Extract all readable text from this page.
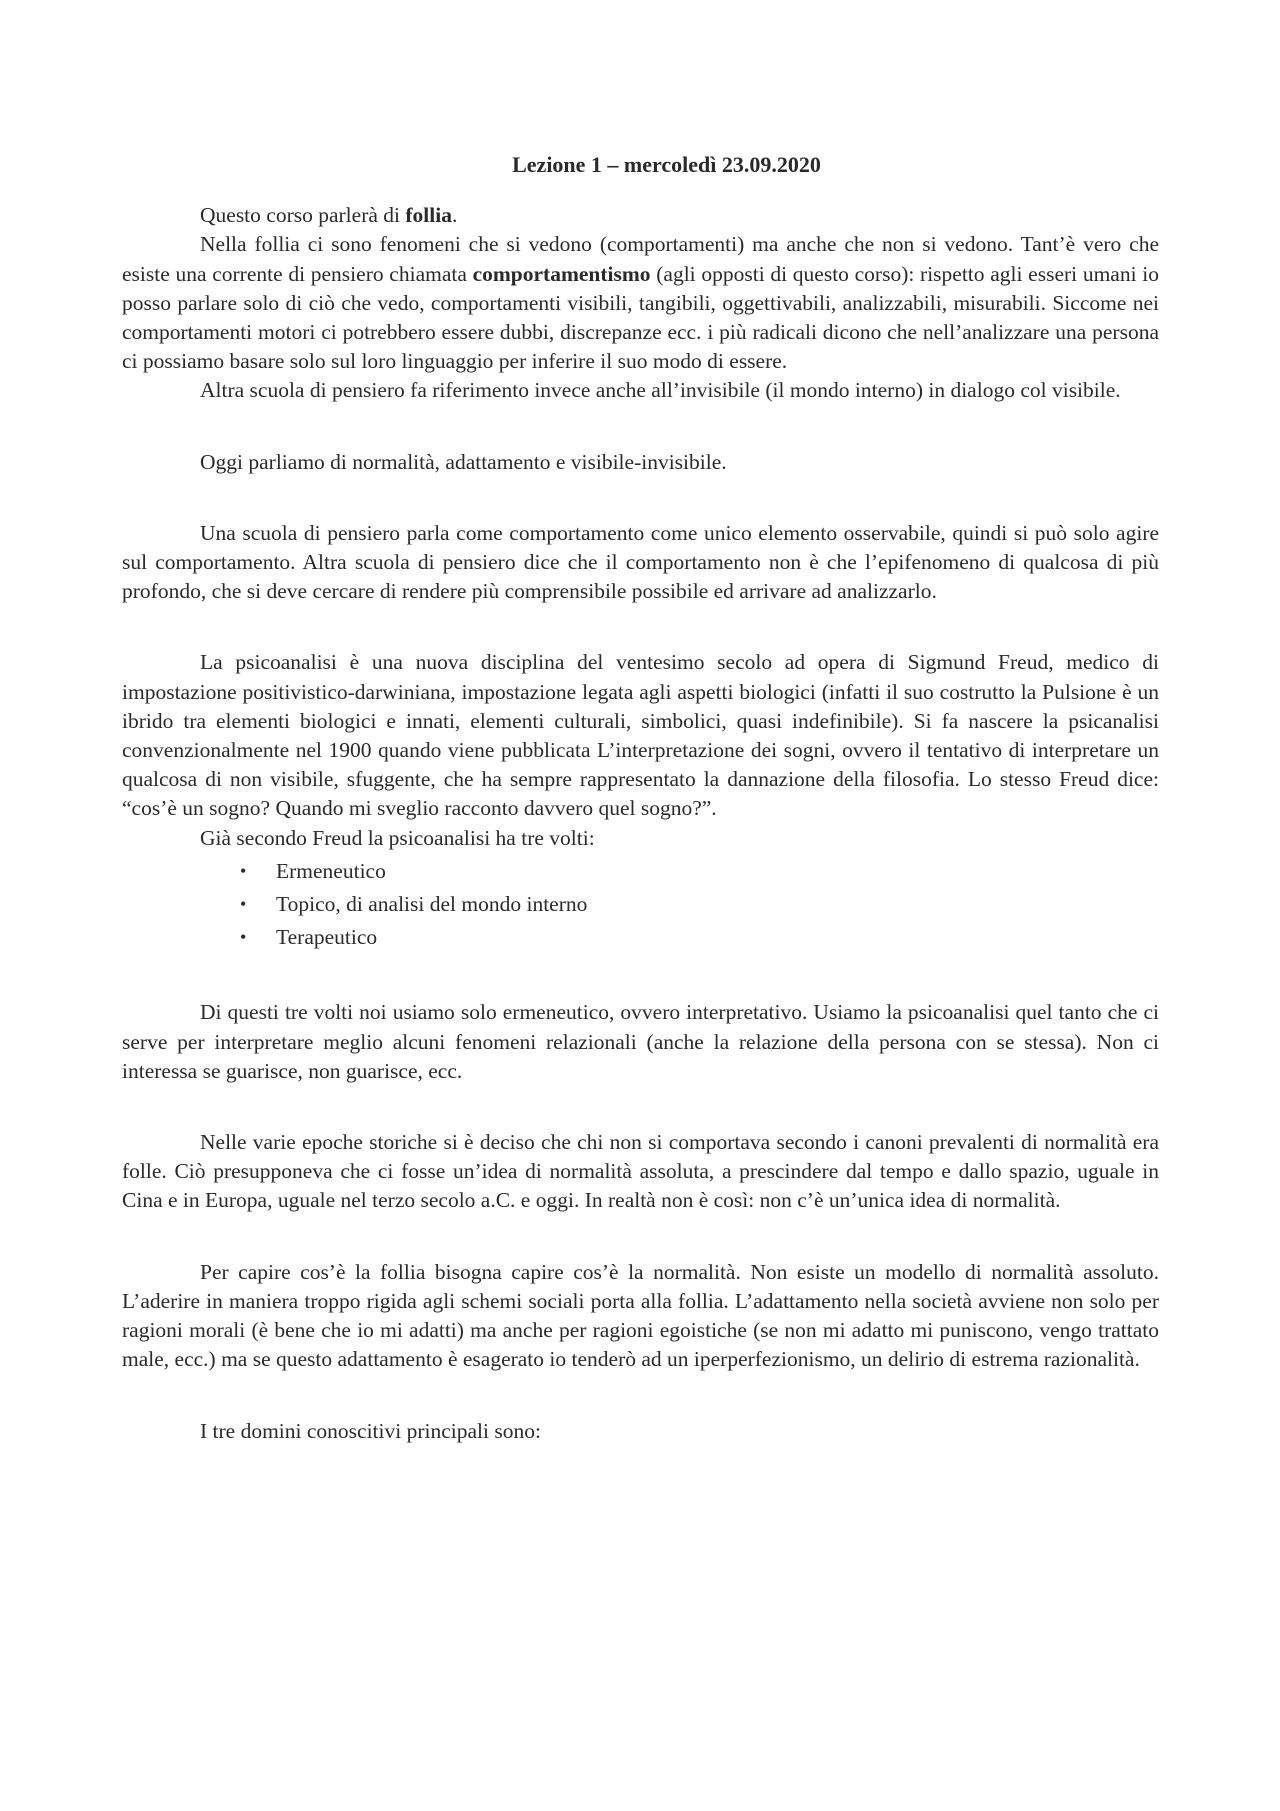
Lezione 1 – mercoledì 23.09.2020

Questo corso parlerà di follia.

Nella follia ci sono fenomeni che si vedono (comportamenti) ma anche che non si vedono. Tant’è vero che esiste una corrente di pensiero chiamata comportamentismo (agli opposti di questo corso): rispetto agli esseri umani io posso parlare solo di ciò che vedo, comportamenti visibili, tangibili, oggettivabili, analizzabili, misurabili. Siccome nei comportamenti motori ci potrebbero essere dubbi, discrepanze ecc. i più radicali dicono che nell’analizzare una persona ci possiamo basare solo sul loro linguaggio per inferire il suo modo di essere.

Altra scuola di pensiero fa riferimento invece anche all’invisibile (il mondo interno) in dialogo col visibile.

Oggi parliamo di normalità, adattamento e visibile-invisibile.

Una scuola di pensiero parla come comportamento come unico elemento osservabile, quindi si può solo agire sul comportamento. Altra scuola di pensiero dice che il comportamento non è che l’epifenomeno di qualcosa di più profondo, che si deve cercare di rendere più comprensibile possibile ed arrivare ad analizzarlo.

La psicoanalisi è una nuova disciplina del ventesimo secolo ad opera di Sigmund Freud, medico di impostazione positivistico-darwiniana, impostazione legata agli aspetti biologici (infatti il suo costrutto la Pulsione è un ibrido tra elementi biologici e innati, elementi culturali, simbolici, quasi indefinibile). Si fa nascere la psicanalisi convenzionalmente nel 1900 quando viene pubblicata L’interpretazione dei sogni, ovvero il tentativo di interpretare un qualcosa di non visibile, sfuggente, che ha sempre rappresentato la dannazione della filosofia. Lo stesso Freud dice: “cos’è un sogno? Quando mi sveglio racconto davvero quel sogno?”.

Già secondo Freud la psicoanalisi ha tre volti:

• Ermeneutico
• Topico, di analisi del mondo interno
• Terapeutico

Di questi tre volti noi usiamo solo ermeneutico, ovvero interpretativo. Usiamo la psicoanalisi quel tanto che ci serve per interpretare meglio alcuni fenomeni relazionali (anche la relazione della persona con se stessa). Non ci interessa se guarisce, non guarisce, ecc.

Nelle varie epoche storiche si è deciso che chi non si comportava secondo i canoni prevalenti di normalità era folle. Ciò presupponeva che ci fosse un’idea di normalità assoluta, a prescindere dal tempo e dallo spazio, uguale in Cina e in Europa, uguale nel terzo secolo a.C. e oggi. In realtà non è così: non c’è un’unica idea di normalità.

Per capire cos’è la follia bisogna capire cos’è la normalità. Non esiste un modello di normalità assoluto. L’aderire in maniera troppo rigida agli schemi sociali porta alla follia. L’adattamento nella società avviene non solo per ragioni morali (è bene che io mi adatti) ma anche per ragioni egoistiche (se non mi adatto mi puniscono, vengo trattato male, ecc.) ma se questo adattamento è esagerato io tenderò ad un iperperfezionismo, un delirio di estrema razionalità.

I tre domini conoscitivi principali sono:
